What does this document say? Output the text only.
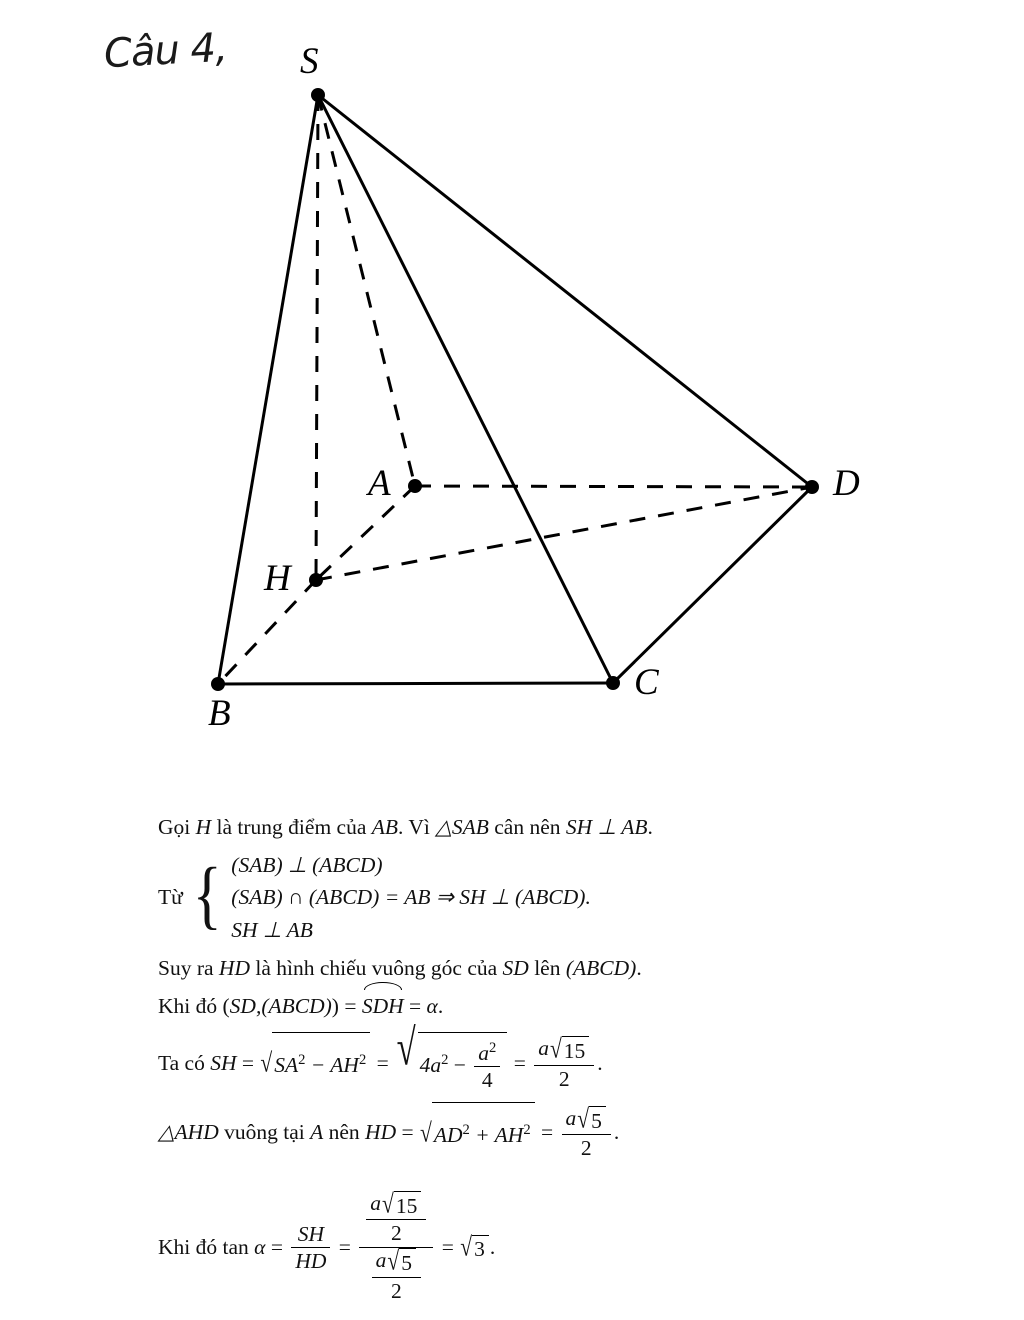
Câu 4, S
A	D
H
B
C
Gọi H là trung điểm của AB. Vì △SAB cân nên SH ⊥ AB.
Từ { (SAB) ⊥ (ABCD)
(SAB) ∩ (ABCD) = AB ⇒ SH ⊥ (ABCD).
SH ⊥ AB
Suy ra HD là hình chiếu vuông góc của SD lên (ABCD).
Khi đó (SD,(ABCD)) = SDH = α.
Ta có SH = √ $SA^2 - AH^2$ = √ $4a^2 - \frac{a^2}{4} = \frac{a √ 15}{2}$ .
△AHD vuông tại A nên HD = √ $AD^2 + AH^2 = \frac{a √ 5}{2}$ .
Khi đó $\tan \alpha = \frac{SH}{HD} = \frac{\frac{a √ 15}{2}}{\frac{a √ 5}{2}}$ = √ 3 .
